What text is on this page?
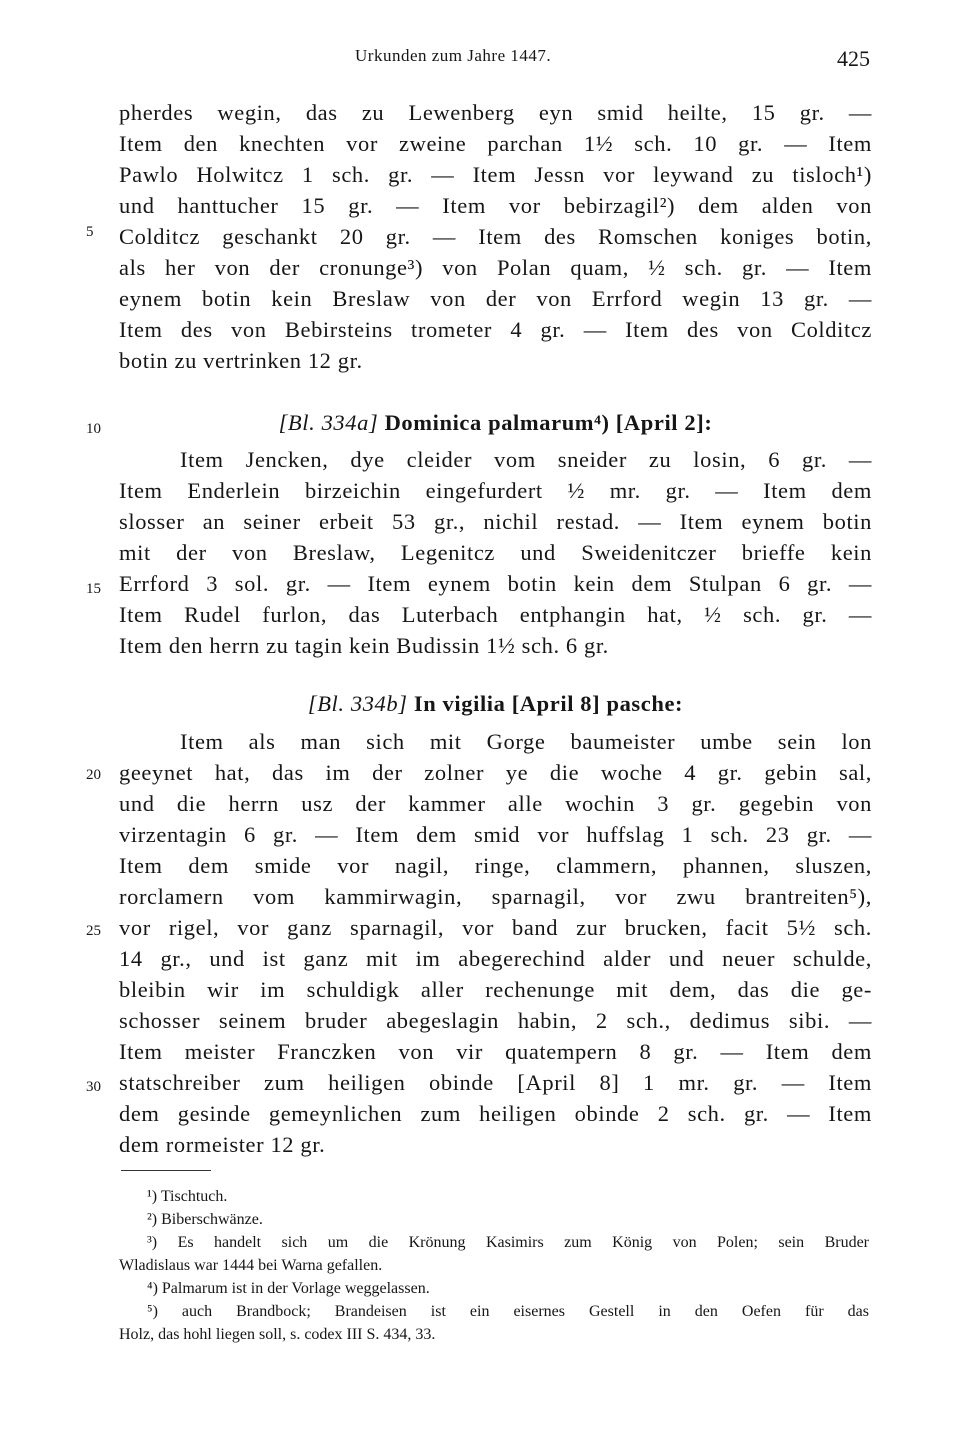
Urkunden zum Jahre 1447.	425
5
10
15
20
25
30
pherdes wegin, das zu Lewenberg eyn smid heilte, 15 gr. —
Item den knechten vor zweine parchan 1½ sch. 10 gr. — Item
Pawlo Holwitcz 1 sch. gr. — Item Jessn vor leywand zu tisloch¹)
und hanttucher 15 gr. — Item vor bebirzagil²) dem alden von
Colditcz geschankt 20 gr. — Item des Romschen koniges botin,
als her von der cronunge³) von Polan quam, ½ sch. gr. — Item
eynem botin kein Breslaw von der von Errford wegin 13 gr. —
Item des von Bebirsteins trometer 4 gr. — Item des von Colditcz
botin zu vertrinken 12 gr.
[Bl. 334a] Dominica palmarum⁴) [April 2]:
Item Jencken, dye cleider vom sneider zu losin, 6 gr. —
Item Enderlein birzeichin eingefurdert ½ mr. gr. — Item dem
slosser an seiner erbeit 53 gr., nichil restad. — Item eynem botin
mit der von Breslaw, Legenitcz und Sweidenitczer brieffe kein
Errford 3 sol. gr. — Item eynem botin kein dem Stulpan 6 gr. —
Item Rudel furlon, das Luterbach entphangin hat, ½ sch. gr. —
Item den herrn zu tagin kein Budissin 1½ sch. 6 gr.
[Bl. 334b] In vigilia [April 8] pasche:
Item als man sich mit Gorge baumeister umbe sein lon
geeynet hat, das im der zolner ye die woche 4 gr. gebin sal,
und die herrn usz der kammer alle wochin 3 gr. gegebin von
virzentagin 6 gr. — Item dem smid vor huffslag 1 sch. 23 gr. —
Item dem smide vor nagil, ringe, clammern, phannen, sluszen,
rorclamern vom kammirwagin, sparnagil, vor zwu brantreiten⁵),
vor rigel, vor ganz sparnagil, vor band zur brucken, facit 5½ sch.
14 gr., und ist ganz mit im abegerechind alder und neuer schulde,
bleibin wir im schuldigk aller rechenunge mit dem, das die ge-
schosser seinem bruder abegeslagin habin, 2 sch., dedimus sibi. —
Item meister Franczken von vir quatempern 8 gr. — Item dem
statschreiber zum heiligen obinde [April 8] 1 mr. gr. — Item
dem gesinde gemeynlichen zum heiligen obinde 2 sch. gr. — Item
dem rormeister 12 gr.
¹) Tischtuch.
²) Biberschwänze.
³) Es handelt sich um die Krönung Kasimirs zum König von Polen; sein Bruder
Wladislaus war 1444 bei Warna gefallen.
⁴) Palmarum ist in der Vorlage weggelassen.
⁵) auch Brandbock; Brandeisen ist ein eisernes Gestell in den Oefen für das
Holz, das hohl liegen soll, s. codex III S. 434, 33.
